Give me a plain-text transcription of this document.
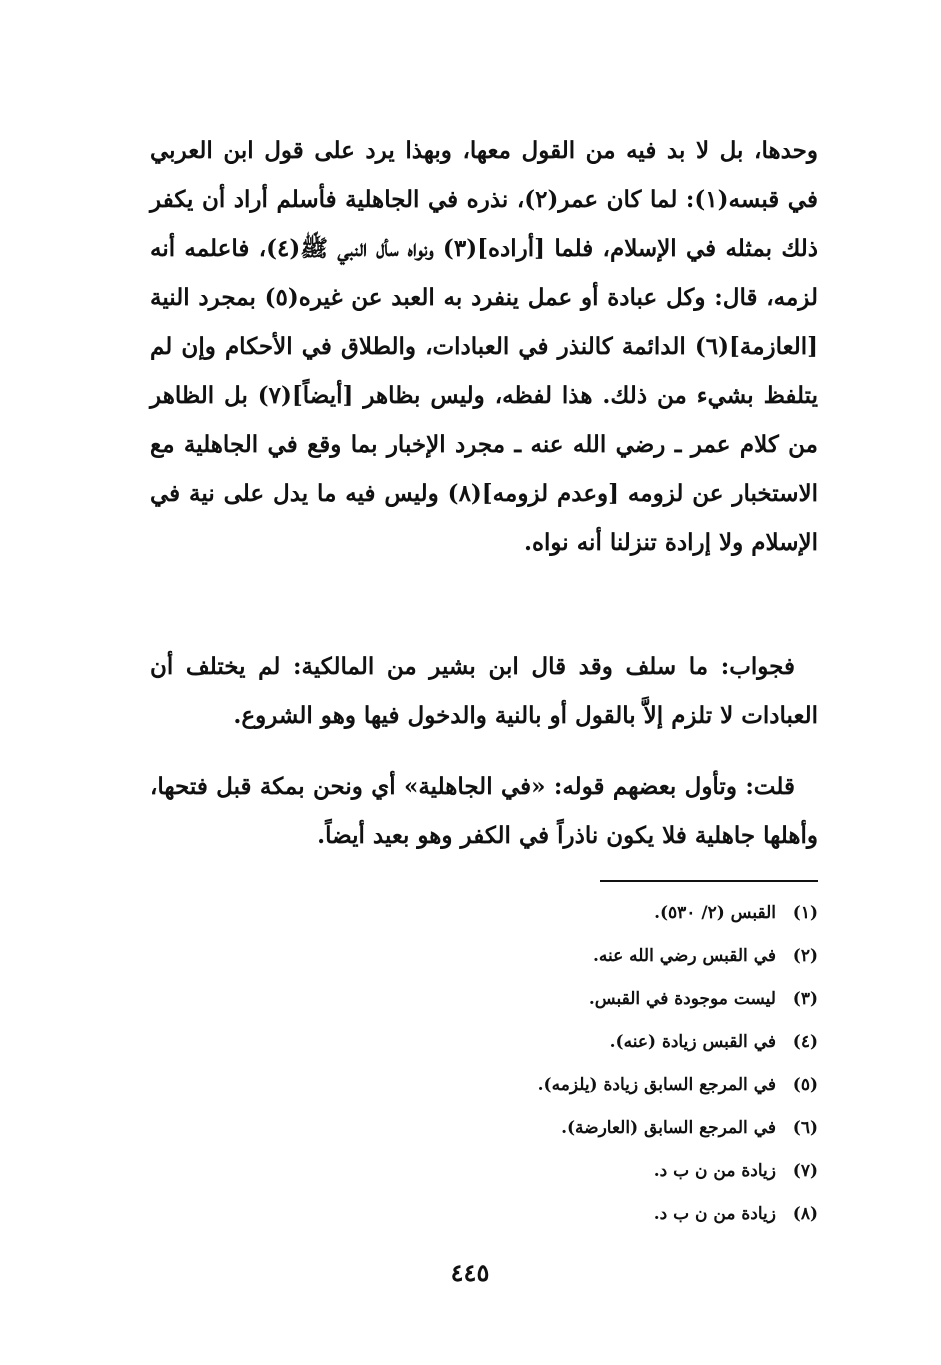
وحدها، بل لا بد فيه من القول معها، وبهذا يرد على قول ابن العربي في قبسه(١): لما كان عمر(٢)، نذره في الجاهلية فأسلم أراد أن يكفر ذلك بمثله في الإسلام، فلما [أراده](٣) ونواه سأل النبي ﷺ(٤)، فاعلمه أنه لزمه، قال: وكل عبادة أو عمل ينفرد به العبد عن غيره(٥) بمجرد النية [العازمة](٦) الدائمة كالنذر في العبادات، والطلاق في الأحكام وإن لم يتلفظ بشيء من ذلك. هذا لفظه، وليس بظاهر [أيضاً](٧) بل الظاهر من كلام عمر ـ رضي الله عنه ـ مجرد الإخبار بما وقع في الجاهلية مع الاستخبار عن لزومه [وعدم لزومه](٨) وليس فيه ما يدل على نية في الإسلام ولا إرادة تنزلنا أنه نواه.
 فجواب: ما سلف وقد قال ابن بشير من المالكية: لم يختلف أن العبادات لا تلزم إلاَّ بالقول أو بالنية والدخول فيها وهو الشروع.
 قلت: وتأول بعضهم قوله: «في الجاهلية» أي ونحن بمكة قبل فتحها، وأهلها جاهلية فلا يكون ناذراً في الكفر وهو بعيد أيضاً.
(١)القبس (٢/ ٥٣٠).
(٢)في القبس رضي الله عنه.
(٣)ليست موجودة في القبس.
(٤)في القبس زيادة (عنه).
(٥)في المرجع السابق زيادة (يلزمه).
(٦)في المرجع السابق (العارضة).
(٧)زيادة من ن ب د.
(٨)زيادة من ن ب د.
٤٤٥
